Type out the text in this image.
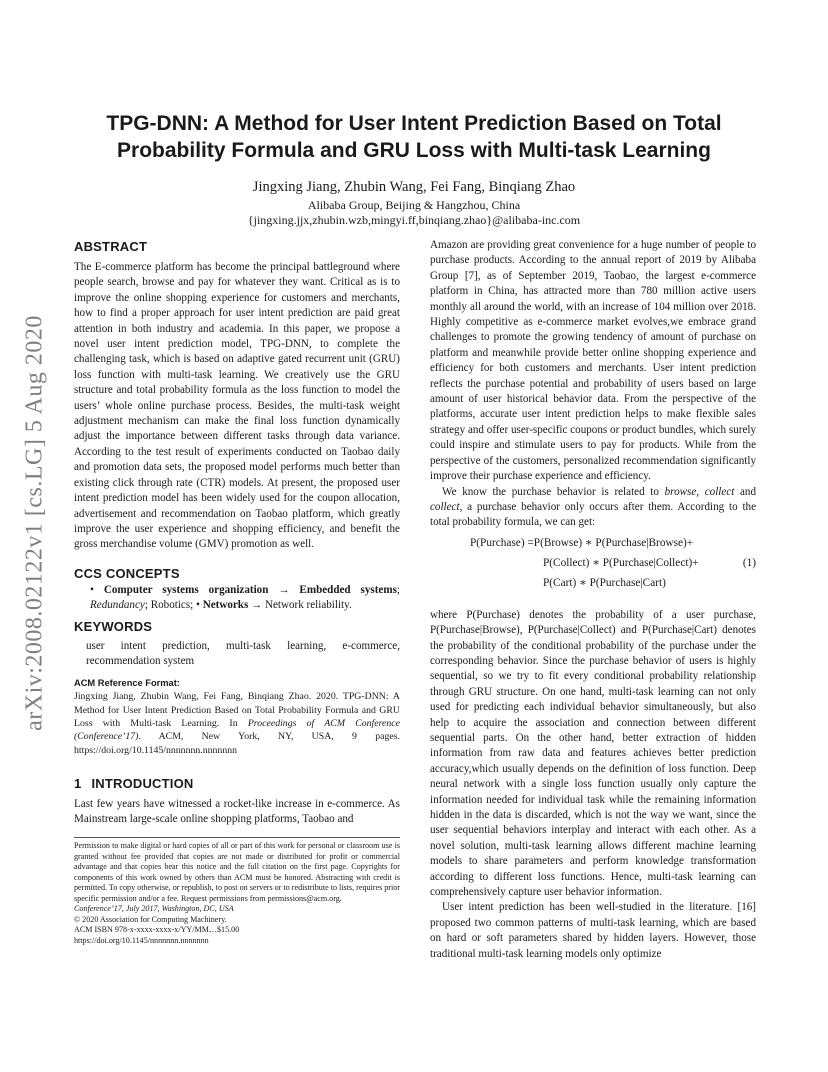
arXiv:2008.02122v1 [cs.LG] 5 Aug 2020
TPG-DNN: A Method for User Intent Prediction Based on Total
Probability Formula and GRU Loss with Multi-task Learning

Jingxing Jiang, Zhubin Wang, Fei Fang, Binqiang Zhao

Alibaba Group, Beijing & Hangzhou, China

{jingxing.jjx,zhubin.wzb,mingyi.ff,binqiang.zhao}@alibaba-inc.com

ABSTRACT

The E-commerce platform has become the principal battleground where people search, browse and pay for whatever they want. Critical as is to improve the online shopping experience for customers and merchants, how to find a proper approach for user intent prediction are paid great attention in both industry and academia. In this paper, we propose a novel user intent prediction model, TPG-DNN, to complete the challenging task, which is based on adaptive gated recurrent unit (GRU) loss function with multi-task learning. We creatively use the GRU structure and total probability formula as the loss function to model the users’ whole online purchase process. Besides, the multi-task weight adjustment mechanism can make the final loss function dynamically adjust the importance between different tasks through data variance. According to the test result of experiments conducted on Taobao daily and promotion data sets, the proposed model performs much better than existing click through rate (CTR) models. At present, the proposed user intent prediction model has been widely used for the coupon allocation, advertisement and recommendation on Taobao platform, which greatly improve the user experience and shopping efficiency, and benefit the gross merchandise volume (GMV) promotion as well.

CCS CONCEPTS

• Computer systems organization → Embedded systems; Redundancy; Robotics; • Networks → Network reliability.

KEYWORDS

user intent prediction, multi-task learning, e-commerce, recommendation system

ACM Reference Format:

Jingxing Jiang, Zhubin Wang, Fei Fang, Binqiang Zhao. 2020. TPG-DNN: A Method for User Intent Prediction Based on Total Probability Formula and GRU Loss with Multi-task Learning. In Proceedings of ACM Conference (Conference’17). ACM, New York, NY, USA, 9 pages. https://doi.org/10.1145/nnnnnnn.nnnnnnn

1 INTRODUCTION

Last few years have witnessed a rocket-like increase in e-commerce. As Mainstream large-scale online shopping platforms, Taobao and

Permission to make digital or hard copies of all or part of this work for personal or classroom use is granted without fee provided that copies are not made or distributed for profit or commercial advantage and that copies bear this notice and the full citation on the first page. Copyrights for components of this work owned by others than ACM must be honored. Abstracting with credit is permitted. To copy otherwise, or republish, to post on servers or to redistribute to lists, requires prior specific permission and/or a fee. Request permissions from permissions@acm.org.

Conference’17, July 2017, Washington, DC, USA

© 2020 Association for Computing Machinery.

ACM ISBN 978-x-xxxx-xxxx-x/YY/MM…$15.00

https://doi.org/10.1145/nnnnnnn.nnnnnnn

Amazon are providing great convenience for a huge number of people to purchase products. According to the annual report of 2019 by Alibaba Group [7], as of September 2019, Taobao, the largest e-commerce platform in China, has attracted more than 780 million active users monthly all around the world, with an increase of 104 million over 2018. Highly competitive as e-commerce market evolves,we embrace grand challenges to promote the growing tendency of amount of purchase on platform and meanwhile provide better online shopping experience and efficiency for both customers and merchants. User intent prediction reflects the purchase potential and probability of users based on large amount of user historical behavior data. From the perspective of the platforms, accurate user intent prediction helps to make flexible sales strategy and offer user-specific coupons or product bundles, which surely could inspire and stimulate users to pay for products. While from the perspective of the customers, personalized recommendation significantly improve their purchase experience and efficiency.

We know the purchase behavior is related to browse, collect and collect, a purchase behavior only occurs after them. According to the total probability formula, we can get:

P(Purchase) =P(Browse) ∗ P(Purchase|Browse)+
P(Collect) ∗ P(Purchase|Collect)+
P(Cart) ∗ P(Purchase|Cart)
(1)

where P(Purchase) denotes the probability of a user purchase, P(Purchase|Browse), P(Purchase|Collect) and P(Purchase|Cart) denotes the probability of the conditional probability of the purchase under the corresponding behavior. Since the purchase behavior of users is highly sequential, so we try to fit every conditional probability relationship through GRU structure. On one hand, multi-task learning can not only used for predicting each individual behavior simultaneously, but also help to acquire the association and connection between different sequential parts. On the other hand, better extraction of hidden information from raw data and features achieves better prediction accuracy,which usually depends on the definition of loss function. Deep neural network with a single loss function usually only capture the information needed for individual task while the remaining information hidden in the data is discarded, which is not the way we want, since the user sequential behaviors interplay and interact with each other. As a novel solution, multi-task learning allows different machine learning models to share parameters and perform knowledge transformation according to different loss functions. Hence, multi-task learning can comprehensively capture user behavior information.

User intent prediction has been well-studied in the literature. [16] proposed two common patterns of multi-task learning, which are based on hard or soft parameters shared by hidden layers. However, those traditional multi-task learning models only optimize
